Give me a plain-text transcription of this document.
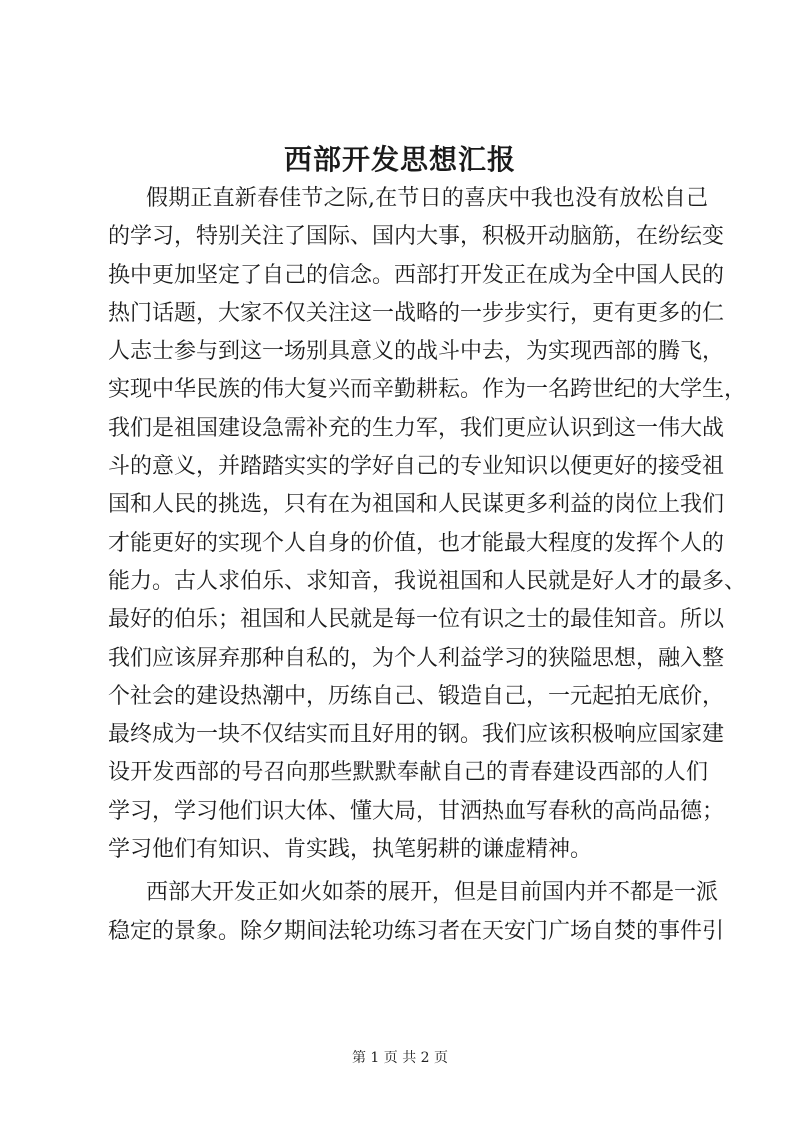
西部开发思想汇报
假期正直新春佳节之际,在节日的喜庆中我也没有放松自己
的学习，特别关注了国际、国内大事，积极开动脑筋，在纷纭变
换中更加坚定了自己的信念。西部打开发正在成为全中国人民的
热门话题，大家不仅关注这一战略的一步步实行，更有更多的仁
人志士参与到这一场别具意义的战斗中去，为实现西部的腾飞，
实现中华民族的伟大复兴而辛勤耕耘。作为一名跨世纪的大学生，
我们是祖国建设急需补充的生力军，我们更应认识到这一伟大战
斗的意义，并踏踏实实的学好自己的专业知识以便更好的接受祖
国和人民的挑选，只有在为祖国和人民谋更多利益的岗位上我们
才能更好的实现个人自身的价值，也才能最大程度的发挥个人的
能力。古人求伯乐、求知音，我说祖国和人民就是好人才的最多、
最好的伯乐；祖国和人民就是每一位有识之士的最佳知音。所以
我们应该屏弃那种自私的，为个人利益学习的狭隘思想，融入整
个社会的建设热潮中，历练自己、锻造自己，一元起拍无底价，
最终成为一块不仅结实而且好用的钢。我们应该积极响应国家建
设开发西部的号召向那些默默奉献自己的青春建设西部的人们
学习，学习他们识大体、懂大局，甘洒热血写春秋的高尚品德；
学习他们有知识、肯实践，执笔躬耕的谦虚精神。
西部大开发正如火如荼的展开，但是目前国内并不都是一派
稳定的景象。除夕期间法轮功练习者在天安门广场自焚的事件引
第 1 页 共 2 页
